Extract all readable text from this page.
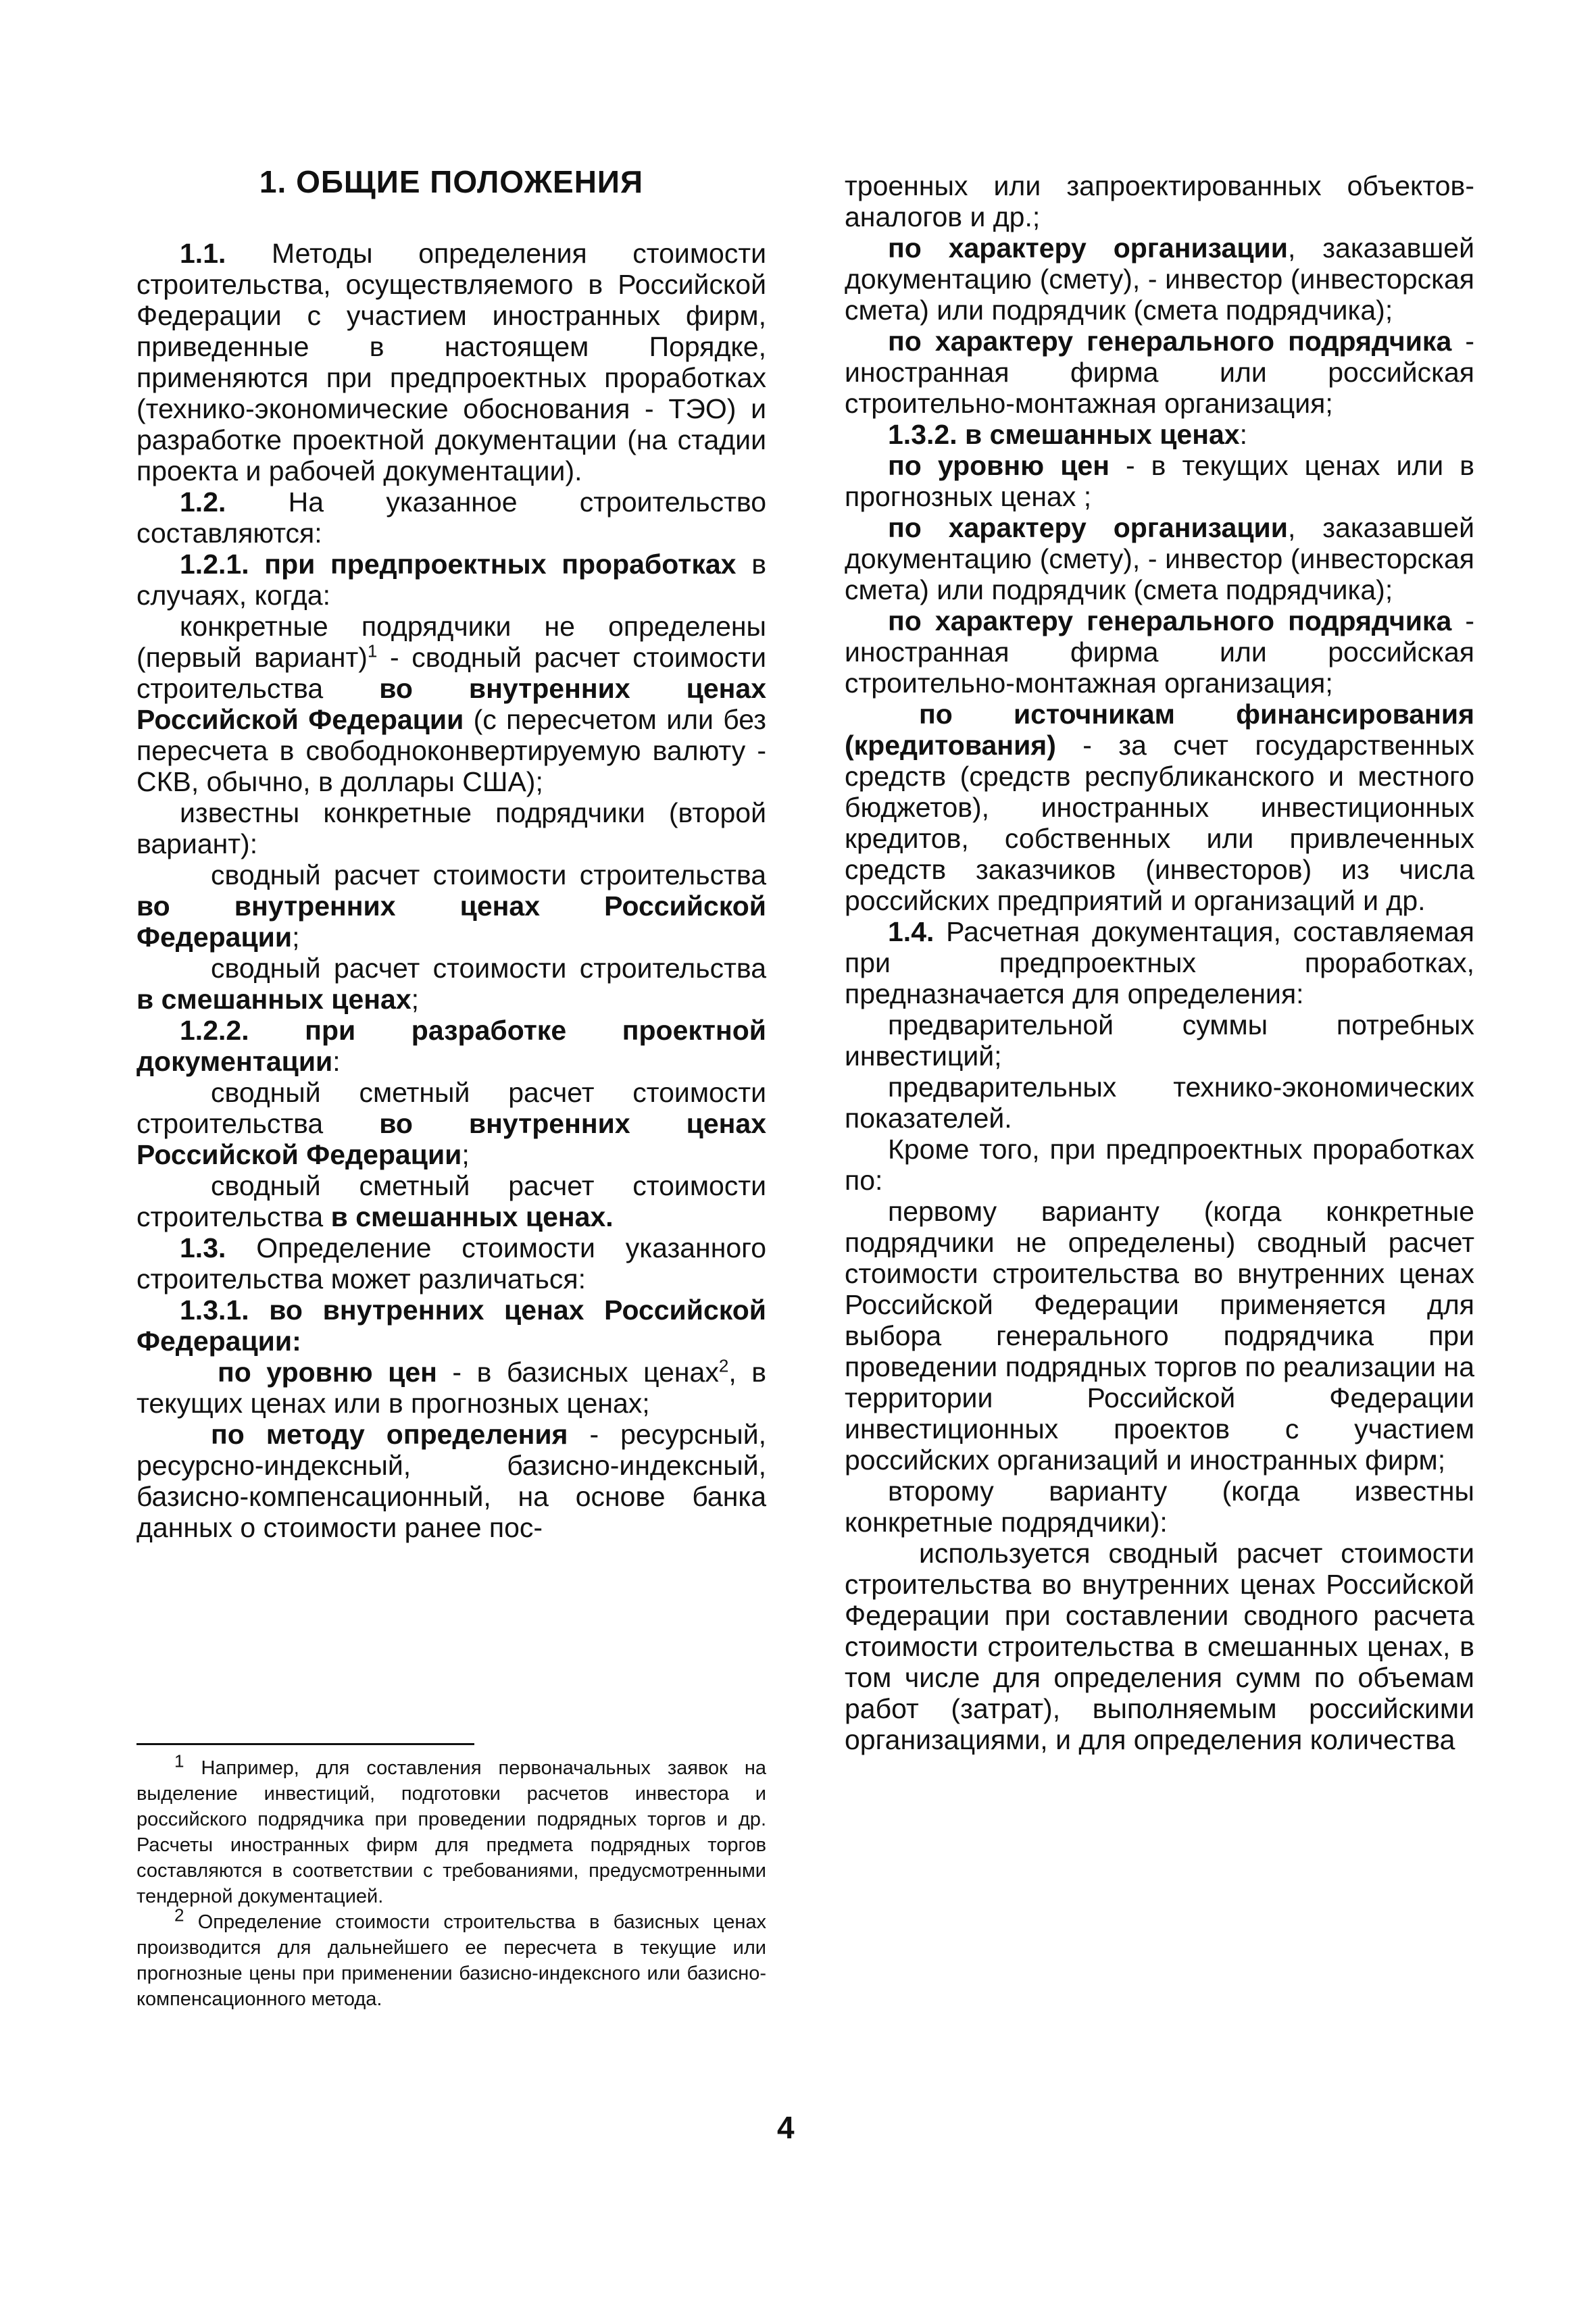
1. ОБЩИЕ ПОЛОЖЕНИЯ

1.1. Методы определения стоимости строительства, осуществляемого в Российской Федерации с участием иностранных фирм, приведенные в настоящем Порядке, применяются при предпроектных проработках (технико-экономические обоснования - ТЭО) и разработке проектной документации (на стадии проекта и рабочей документации).

1.2. На указанное строительство составляются:

1.2.1. при предпроектных проработках в случаях, когда:

конкретные подрядчики не определены (первый вариант)$^1$ - сводный расчет стоимости строительства во внутренних ценах Российской Федерации (с пересчетом или без пересчета в свободноконвертируемую валюту - СКВ, обычно, в доллары США);

известны конкретные подрядчики (второй вариант):

сводный расчет стоимости строительства во внутренних ценах Российской Федерации;

сводный расчет стоимости строительства в смешанных ценах;

1.2.2. при разработке проектной документации:

сводный сметный расчет стоимости строительства во внутренних ценах Российской Федерации;

сводный сметный расчет стоимости строительства в смешанных ценах.

1.3. Определение стоимости указанного строительства может различаться:

1.3.1. во внутренних ценах Российской Федерации:

по уровню цен - в базисных ценах$^2$, в текущих ценах или в прогнозных ценах;

по методу определения - ресурсный, ресурсно-индексный, базисно-индексный, базисно-компенсационный, на основе банка данных о стоимости ранее пос-

$^1$ Например, для составления первоначальных заявок на выделение инвестиций, подготовки расчетов инвестора и российского подрядчика при проведении подрядных торгов и др. Расчеты иностранных фирм для предмета подрядных торгов составляются в соответствии с требованиями, предусмотренными тендерной документацией.

$^2$ Определение стоимости строительства в базисных ценах производится для дальнейшего ее пересчета в текущие или прогнозные цены при применении базисно-индексного или базисно-компенсационного метода.

троенных или запроектированных объектов-аналогов и др.;

по характеру организации, заказавшей документацию (смету), - инвестор (инвесторская смета) или подрядчик (смета подрядчика);

по характеру генерального подрядчика - иностранная фирма или российская строительно-монтажная организация;

1.3.2. в смешанных ценах:

по уровню цен - в текущих ценах или в прогнозных ценах ;

по характеру организации, заказавшей документацию (смету), - инвестор (инвесторская смета) или подрядчик (смета подрядчика);

по характеру генерального подрядчика - иностранная фирма или российская строительно-монтажная организация;

по источникам финансирования (кредитования) - за счет государственных средств (средств республиканского и местного бюджетов), иностранных инвестиционных кредитов, собственных или привлеченных средств заказчиков (инвесторов) из числа российских предприятий и организаций и др.

1.4. Расчетная документация, составляемая при предпроектных проработках, предназначается для определения:

предварительной суммы потребных инвестиций;

предварительных технико-экономических показателей.

Кроме того, при предпроектных проработках по:

первому варианту (когда конкретные подрядчики не определены) сводный расчет стоимости строительства во внутренних ценах Российской Федерации применяется для выбора генерального подрядчика при проведении подрядных торгов по реализации на территории Российской Федерации инвестиционных проектов с участием российских организаций и иностранных фирм;

второму варианту (когда известны конкретные подрядчики):

используется сводный расчет стоимости строительства во внутренних ценах Российской Федерации при составлении сводного расчета стоимости строительства в смешанных ценах, в том числе для определения сумм по объемам работ (затрат), выполняемым российскими организациями, и для определения количества

4
